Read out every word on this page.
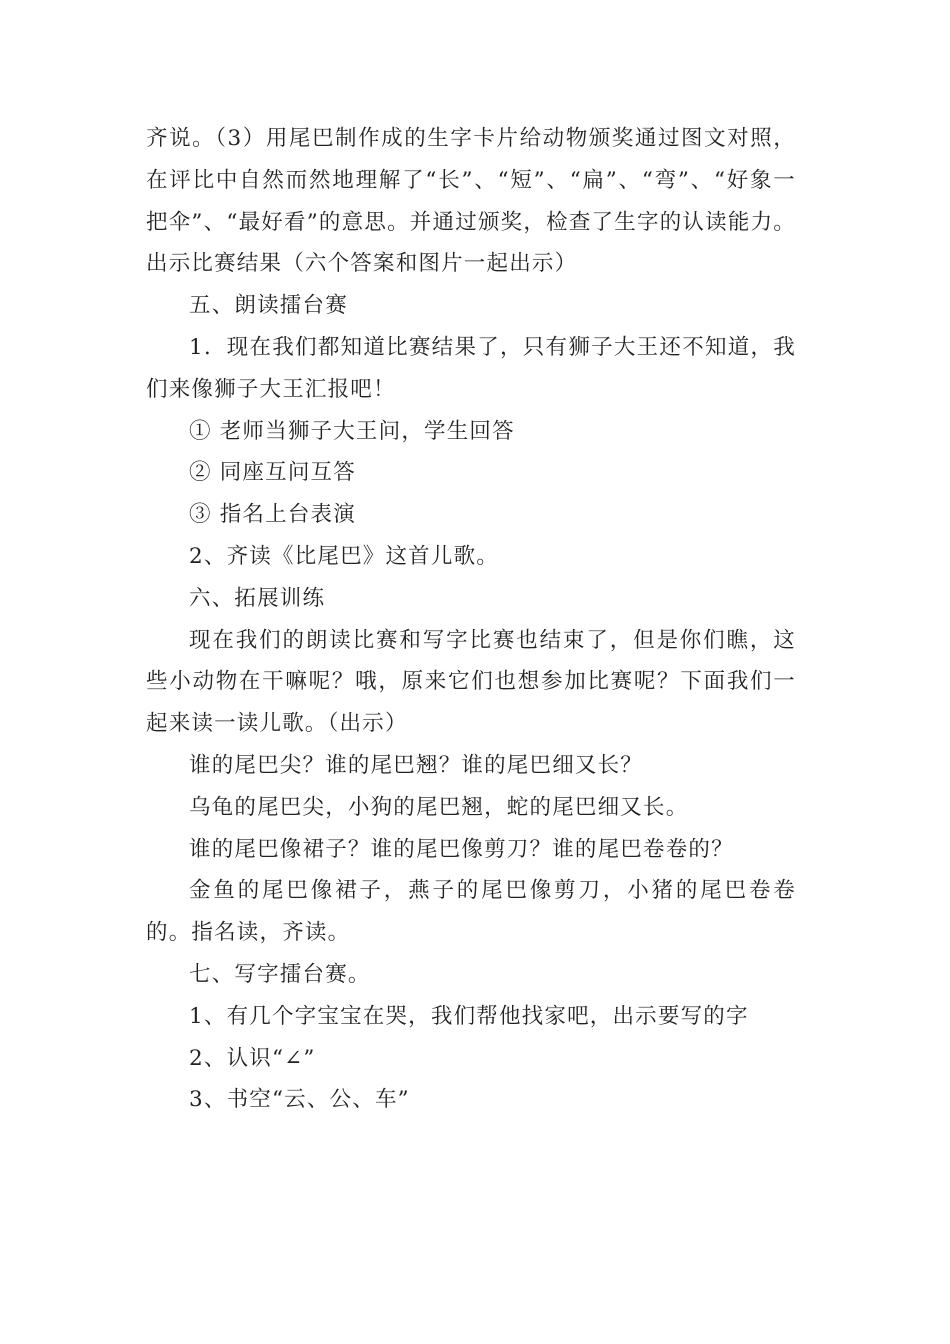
齐说。（3）用尾巴制作成的生字卡片给动物颁奖通过图文对照，在评比中自然而然地理解了“长”、“短”、“扁”、“弯”、“好象一把伞”、“最好看”的意思。并通过颁奖，检查了生字的认读能力。出示比赛结果（六个答案和图片一起出示）

五、朗读擂台赛

1．现在我们都知道比赛结果了，只有狮子大王还不知道，我们来像狮子大王汇报吧！

① 老师当狮子大王问，学生回答

② 同座互问互答

③ 指名上台表演

2、齐读《比尾巴》这首儿歌。

六、拓展训练

现在我们的朗读比赛和写字比赛也结束了，但是你们瞧，这些小动物在干嘛呢？哦，原来它们也想参加比赛呢？下面我们一起来读一读儿歌。（出示）

谁的尾巴尖？谁的尾巴翘？谁的尾巴细又长？

乌龟的尾巴尖，小狗的尾巴翘，蛇的尾巴细又长。

谁的尾巴像裙子？谁的尾巴像剪刀？谁的尾巴卷卷的？

金鱼的尾巴像裙子，燕子的尾巴像剪刀，小猪的尾巴卷卷的。指名读，齐读。

七、写字擂台赛。

1、有几个字宝宝在哭，我们帮他找家吧，出示要写的字

2、认识“∠”

3、书空“云、公、车”
